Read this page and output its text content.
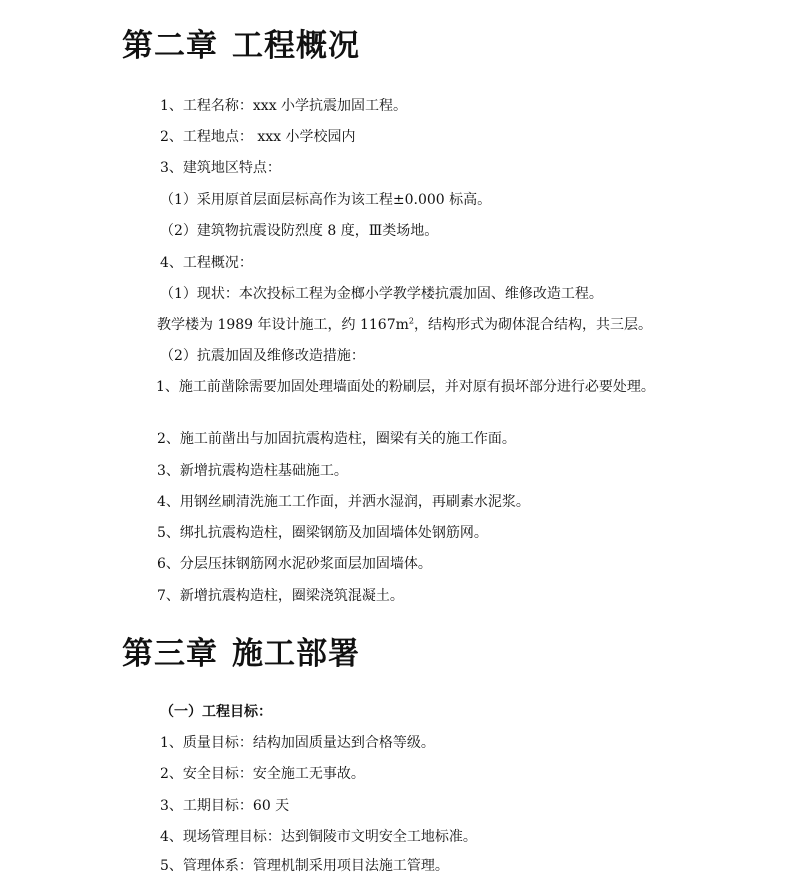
第二章 工程概况
1、工程名称：xxx 小学抗震加固工程。
2、工程地点： xxx 小学校园内
3、建筑地区特点：
（1）采用原首层面层标高作为该工程±0.000 标高。
（2）建筑物抗震设防烈度 8 度，Ⅲ类场地。
4、工程概况：
（1）现状：本次投标工程为金榔小学教学楼抗震加固、维修改造工程。
教学楼为 1989 年设计施工，约 $1167m^2$，结构形式为砌体混合结构，共三层。
（2）抗震加固及维修改造措施：
1、施工前凿除需要加固处理墙面处的粉刷层，并对原有损坏部分进行必要处理。
2、施工前凿出与加固抗震构造柱，圈梁有关的施工作面。
3、新增抗震构造柱基础施工。
4、用钢丝刷清洗施工工作面，并洒水湿润，再刷素水泥浆。
5、绑扎抗震构造柱，圈梁钢筋及加固墙体处钢筋网。
6、分层压抹钢筋网水泥砂浆面层加固墙体。
7、新增抗震构造柱，圈梁浇筑混凝土。
第三章 施工部署
（一）工程目标：
1、质量目标：结构加固质量达到合格等级。
2、安全目标：安全施工无事故。
3、工期目标：60 天
4、现场管理目标：达到铜陵市文明安全工地标准。
5、管理体系：管理机制采用项目法施工管理。
